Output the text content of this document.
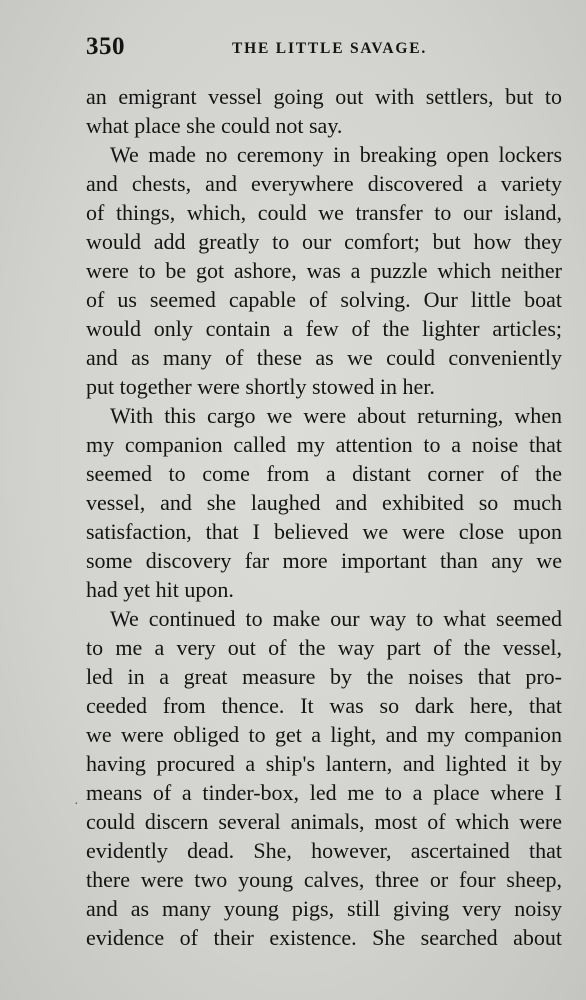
350	THE LITTLE SAVAGE.
an emigrant vessel going out with settlers, but to
what place she could not say.
We made no ceremony in breaking open lockers
and chests, and everywhere discovered a variety
of things, which, could we transfer to our island,
would add greatly to our comfort; but how they
were to be got ashore, was a puzzle which neither
of us seemed capable of solving. Our little boat
would only contain a few of the lighter articles;
and as many of these as we could conveniently
put together were shortly stowed in her.
With this cargo we were about returning, when
my companion called my attention to a noise that
seemed to come from a distant corner of the
vessel, and she laughed and exhibited so much
satisfaction, that I believed we were close upon
some discovery far more important than any we
had yet hit upon.
We continued to make our way to what seemed
to me a very out of the way part of the vessel,
led in a great measure by the noises that pro-
ceeded from thence. It was so dark here, that
we were obliged to get a light, and my companion
having procured a ship's lantern, and lighted it by
means of a tinder-box, led me to a place where I
could discern several animals, most of which were
evidently dead. She, however, ascertained that
there were two young calves, three or four sheep,
and as many young pigs, still giving very noisy
evidence of their existence. She searched about
·
